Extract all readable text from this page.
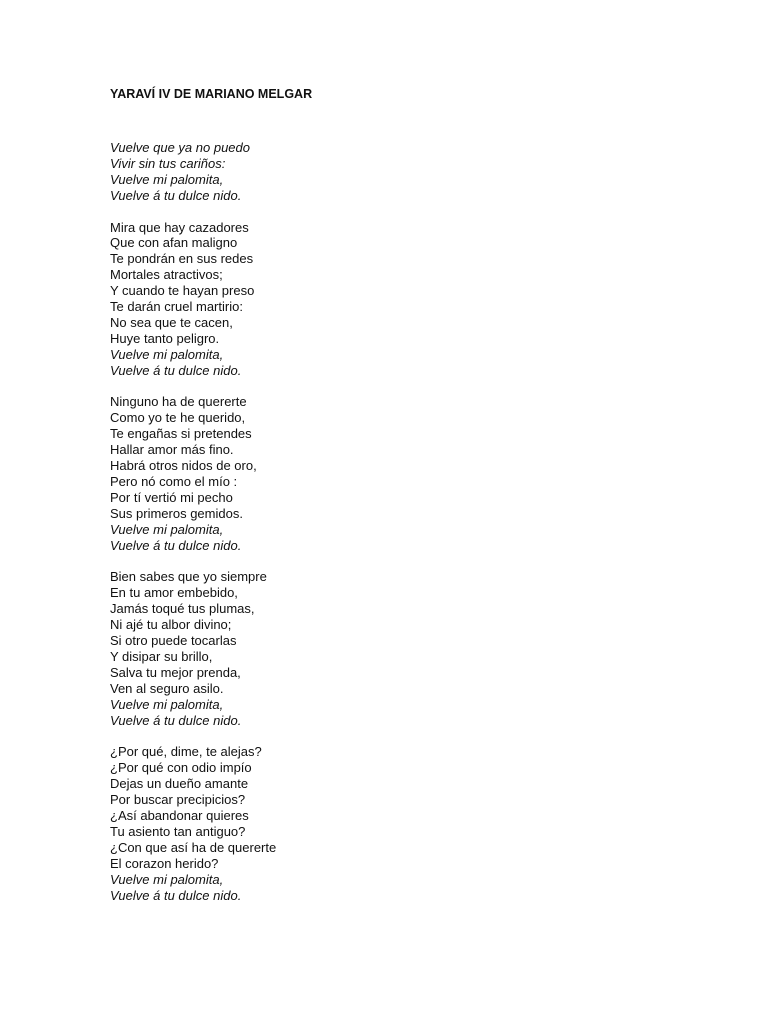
YARAVÍ IV DE MARIANO MELGAR
Vuelve que ya no puedo
Vivir sin tus cariños:
Vuelve mi palomita,
Vuelve á tu dulce nido.
Mira que hay cazadores
Que con afan maligno
Te pondrán en sus redes
Mortales atractivos;
Y cuando te hayan preso
Te darán cruel martirio:
No sea que te cacen,
Huye tanto peligro.
Vuelve mi palomita,
Vuelve á tu dulce nido.
Ninguno ha de quererte
Como yo te he querido,
Te engañas si pretendes
Hallar amor más fino.
Habrá otros nidos de oro,
Pero nó como el mío :
Por tí vertió mi pecho
Sus primeros gemidos.
Vuelve mi palomita,
Vuelve á tu dulce nido.
Bien sabes que yo siempre
En tu amor embebido,
Jamás toqué tus plumas,
Ni ajé tu albor divino;
Si otro puede tocarlas
Y disipar su brillo,
Salva tu mejor prenda,
Ven al seguro asilo.
Vuelve mi palomita,
Vuelve á tu dulce nido.
¿Por qué, dime, te alejas?
¿Por qué con odio impío
Dejas un dueño amante
Por buscar precipicios?
¿Así abandonar quieres
Tu asiento tan antiguo?
¿Con que así ha de quererte
El corazon herido?
Vuelve mi palomita,
Vuelve á tu dulce nido.
